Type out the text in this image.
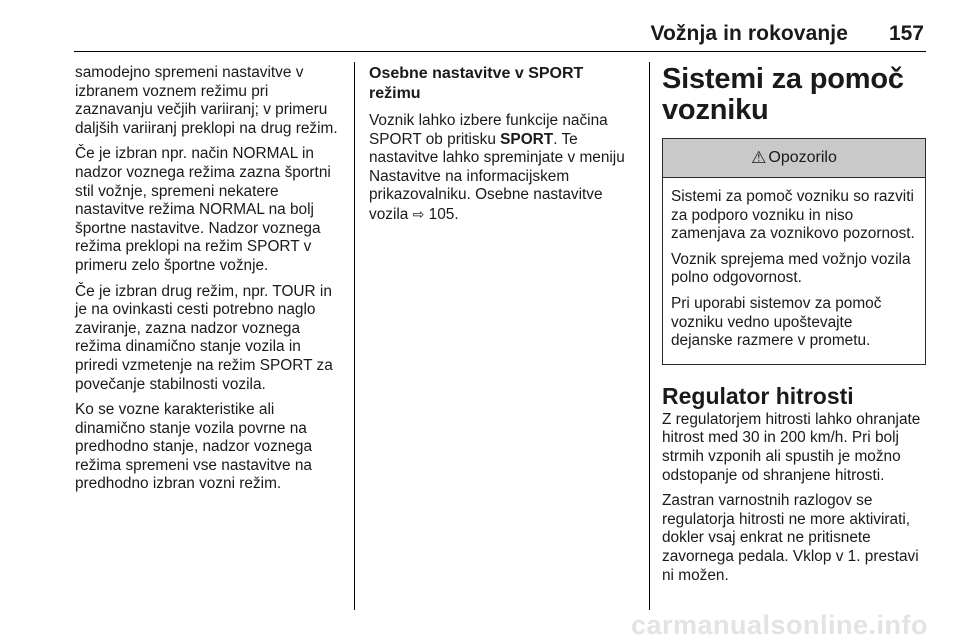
Vožnja in rokovanje 157

samodejno spremeni nastavitve v izbranem voznem režimu pri zaznavanju večjih variiranj; v primeru daljših variiranj preklopi na drug režim.

Če je izbran npr. način NORMAL in nadzor voznega režima zazna športni stil vožnje, spremeni nekatere nastavitve režima NORMAL na bolj športne nastavitve. Nadzor voznega režima preklopi na režim SPORT v primeru zelo športne vožnje.

Če je izbran drug režim, npr. TOUR in je na ovinkasti cesti potrebno naglo zaviranje, zazna nadzor voznega režima dinamično stanje vozila in priredi vzmetenje na režim SPORT za povečanje stabilnosti vozila.

Ko se vozne karakteristike ali dinamično stanje vozila povrne na predhodno stanje, nadzor voznega režima spremeni vse nastavitve na predhodno izbran vozni režim.

Osebne nastavitve v SPORT režimu

Voznik lahko izbere funkcije načina SPORT ob pritisku SPORT. Te nastavitve lahko spreminjate v meniju Nastavitve na informacijskem prikazovalniku. Osebne nastavitve vozila ⇨ 105.

Sistemi za pomoč vozniku
⚠ Opozorilo

Sistemi za pomoč vozniku so razviti za podporo vozniku in niso zamenjava za voznikovo pozornost.

Voznik sprejema med vožnjo vozila polno odgovornost.

Pri uporabi sistemov za pomoč vozniku vedno upoštevajte dejanske razmere v prometu.

Regulator hitrosti

Z regulatorjem hitrosti lahko ohranjate hitrost med 30 in 200 km/h. Pri bolj strmih vzponih ali spustih je možno odstopanje od shranjene hitrosti.

Zastran varnostnih razlogov se regulatorja hitrosti ne more aktivirati, dokler vsaj enkrat ne pritisnete zavornega pedala. Vklop v 1. prestavi ni možen.

carmanualsonline.info
